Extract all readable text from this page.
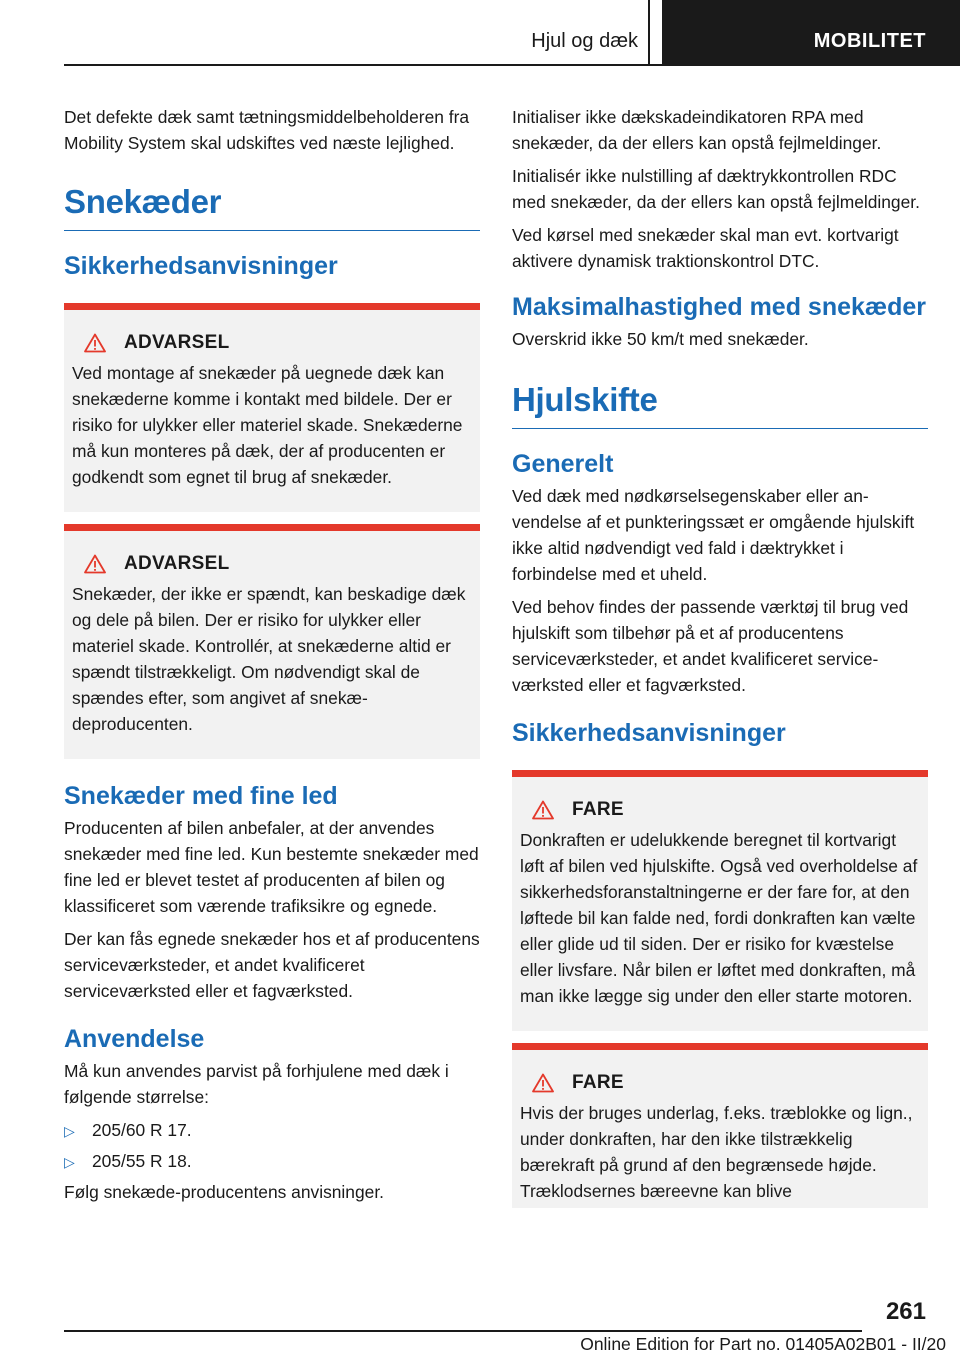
Hjul og dæk	MOBILITET

Det defekte dæk samt tætningsmiddelbeholderen fra Mobility System skal udskiftes ved næste lejlighed.

Snekæder
Sikkerhedsanvisninger
ADVARSEL

Ved montage af snekæder på uegnede dæk kan snekæderne komme i kontakt med bildele. Der er risiko for ulykker eller materiel skade. Snekæderne må kun monteres på dæk, der af producenten er godkendt som egnet til brug af snekæder.

ADVARSEL

Snekæder, der ikke er spændt, kan beskadige dæk og dele på bilen. Der er risiko for ulykker eller materiel skade. Kontrollér, at snekæderne altid er spændt tilstrækkeligt. Om nødvendigt skal de spændes efter, som angivet af snekædeproducenten.

Snekæder med fine led

Producenten af bilen anbefaler, at der anvendes snekæder med fine led. Kun bestemte snekæder med fine led er blevet testet af producenten af bilen og klassificeret som værende trafiksikre og egnede.

Der kan fås egnede snekæder hos et af producentens serviceværksteder, et andet kvalificeret serviceværksted eller et fagværksted.

Anvendelse

Må kun anvendes parvist på forhjulene med dæk i følgende størrelse:

▷ 205/60 R 17.
▷ 205/55 R 18.

Følg snekæde-producentens anvisninger.

Initialiser ikke dækskadeindikatoren RPA med snekæder, da der ellers kan opstå fejlmeldinger.

Initialisér ikke nulstilling af dæktrykkontrollen RDC med snekæder, da der ellers kan opstå fejlmeldinger.

Ved kørsel med snekæder skal man evt. kortvarigt aktivere dynamisk traktionskontrol DTC.

Maksimalhastighed med snekæder

Overskrid ikke 50 km/t med snekæder.

Hjulskifte
Generelt

Ved dæk med nødkørselsegenskaber eller anvendelse af et punkteringssæt er omgående hjulskift ikke altid nødvendigt ved fald i dæktrykket i forbindelse med et uheld.

Ved behov findes der passende værktøj til brug ved hjulskift som tilbehør på et af producentens serviceværksteder, et andet kvalificeret serviceværksted eller et fagværksted.

Sikkerhedsanvisninger
FARE

Donkraften er udelukkende beregnet til kortvarigt løft af bilen ved hjulskifte. Også ved overholdelse af sikkerhedsforanstaltningerne er der fare for, at den løftede bil kan falde ned, fordi donkraften kan vælte eller glide ud til siden. Der er risiko for kvæstelse eller livsfare. Når bilen er løftet med donkraften, må man ikke lægge sig under den eller starte motoren.

FARE

Hvis der bruges underlag, f.eks. træblokke og lign., under donkraften, har den ikke tilstrækkelig bærekraft på grund af den begrænsede højde. Træklodsernes bæreevne kan blive

261
Online Edition for Part no. 01405A02B01 - II/20
